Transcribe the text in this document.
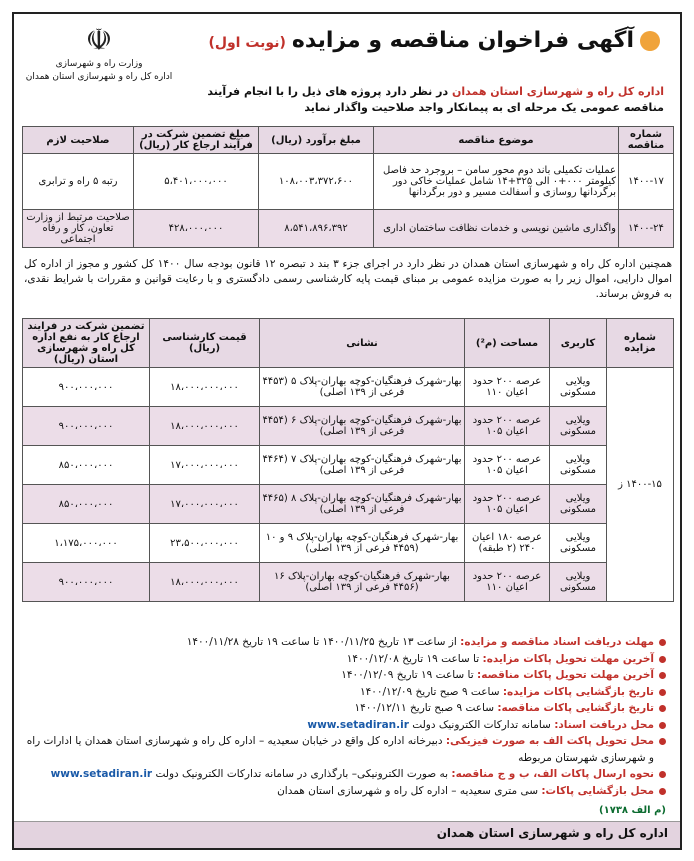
☫
وزارت راه و شهرسازی
اداره کل راه و شهرسازی استان همدان
آگهی فراخوان مناقصه و مزایده(نوبت اول)
اداره کل راه و شهرسازی استان همدان در نظر دارد پروژه های ذیل را با انجام فرآیند مناقصه عمومی یک مرحله ای به پیمانکار واجد صلاحیت واگذار نماید
شماره مناقصه	موضوع مناقصه	مبلغ برآورد (ریال)	مبلغ تضمین شرکت در فرآیند ارجاع کار (ریال)	صلاحیت لازم
۱۴۰۰-۱۷	عملیات تکمیلی باند دوم محور سامن – بروجرد حد فاصل کیلومتر ۰۰۰+۰ الی ۳۲۵+۱۴ شامل عملیات خاکی دور برگردانها روسازی و آسفالت مسیر و دور برگردانها	۱۰۸،۰۰۳،۳۷۲،۶۰۰	۵،۴۰۱،۰۰۰،۰۰۰	رتبه ۵ راه و ترابری
۱۴۰۰-۲۴	واگذاری ماشین نویسی و خدمات نظافت ساختمان اداری	۸،۵۴۱،۸۹۶،۳۹۲	۴۲۸،۰۰۰،۰۰۰	صلاحیت مرتبط از وزارت تعاون، کار و رفاه اجتماعی
همچنین اداره کل راه و شهرسازی استان همدان در نظر دارد در اجرای جزء ۳ بند د تبصره ۱۲ قانون بودجه سال ۱۴۰۰ کل کشور و مجوز از اداره کل اموال دارایی، اموال زیر را به صورت مزایده عمومی بر مبنای قیمت پایه کارشناسی رسمی دادگستری و با رعایت قوانین و مقررات با شرایط نقدی، به فروش برساند.
شماره مزایده	کاربری	مساحت (م²)	نشانی	قیمت کارشناسی (ریال)	تضمین شرکت در فرایند ارجاع کار به نفع اداره کل راه و شهرسازی استان (ریال)
۱۴۰۰-۱۵ ز	ویلایی مسکونی	عرصه ۲۰۰ حدود اعیان ۱۱۰	بهار-شهرک فرهنگیان-کوچه بهاران-پلاک ۵ (۴۴۵۳ فرعی از ۱۳۹ اصلی)	۱۸،۰۰۰،۰۰۰،۰۰۰	۹۰۰،۰۰۰،۰۰۰
	ویلایی مسکونی	عرصه ۲۰۰ حدود اعیان ۱۰۵	بهار-شهرک فرهنگیان-کوچه بهاران-پلاک ۶ (۴۴۵۴ فرعی از ۱۳۹ اصلی)	۱۸،۰۰۰،۰۰۰،۰۰۰	۹۰۰،۰۰۰،۰۰۰
	ویلایی مسکونی	عرصه ۲۰۰ حدود اعیان ۱۰۵	بهار-شهرک فرهنگیان-کوچه بهاران-پلاک ۷ (۴۴۶۴ فرعی از ۱۳۹ اصلی)	۱۷،۰۰۰،۰۰۰،۰۰۰	۸۵۰،۰۰۰،۰۰۰
	ویلایی مسکونی	عرصه ۲۰۰ حدود اعیان ۱۰۵	بهار-شهرک فرهنگیان-کوچه بهاران-پلاک ۸ (۴۴۶۵ فرعی از ۱۳۹ اصلی)	۱۷،۰۰۰،۰۰۰،۰۰۰	۸۵۰،۰۰۰،۰۰۰
	ویلایی مسکونی	عرصه ۱۸۰ اعیان ۲۴۰ (۲ طبقه)	بهار-شهرک فرهنگیان-کوچه بهاران-پلاک ۹ و ۱۰ (۴۴۵۹ فرعی از ۱۳۹ اصلی)	۲۳،۵۰۰،۰۰۰،۰۰۰	۱،۱۷۵،۰۰۰،۰۰۰
	ویلایی مسکونی	عرصه ۲۰۰ حدود اعیان ۱۱۰	بهار-شهرک فرهنگیان-کوچه بهاران-پلاک ۱۶ (۴۴۵۶ فرعی از ۱۳۹ اصلی)	۱۸،۰۰۰،۰۰۰،۰۰۰	۹۰۰،۰۰۰،۰۰۰
مهلت دریافت اسناد مناقصه و مزایده: از ساعت ۱۳ تاریخ ۱۴۰۰/۱۱/۲۵ تا ساعت ۱۹ تاریخ ۱۴۰۰/۱۱/۲۸
آخرین مهلت تحویل پاکات مزایده: تا ساعت ۱۹ تاریخ ۱۴۰۰/۱۲/۰۸
آخرین مهلت تحویل پاکات مناقصه: تا ساعت ۱۹ تاریخ ۱۴۰۰/۱۲/۰۹
تاریخ بازگشایی پاکات مزایده: ساعت ۹ صبح تاریخ ۱۴۰۰/۱۲/۰۹
تاریخ بازگشایی پاکات مناقصه: ساعت ۹ صبح تاریخ ۱۴۰۰/۱۲/۱۱
محل دریافت اسناد: سامانه تدارکات الکترونیک دولت www.setadiran.ir
محل تحویل پاکت الف به صورت فیزیکی: دبیرخانه اداره کل واقع در خیابان سعیدیه – اداره کل راه و شهرسازی استان همدان یا ادارات راه و شهرسازی شهرستان مربوطه
نحوه ارسال پاکات الف، ب و ج مناقصه: به صورت الکترونیکی– بارگذاری در سامانه تدارکات الکترونیک دولت www.setadiran.ir
محل بازگشایی پاکات: سی متری سعیدیه – اداره کل راه و شهرسازی استان همدان
(م الف ۱۷۳۸)
اداره کل راه و شهرسازی استان همدان
